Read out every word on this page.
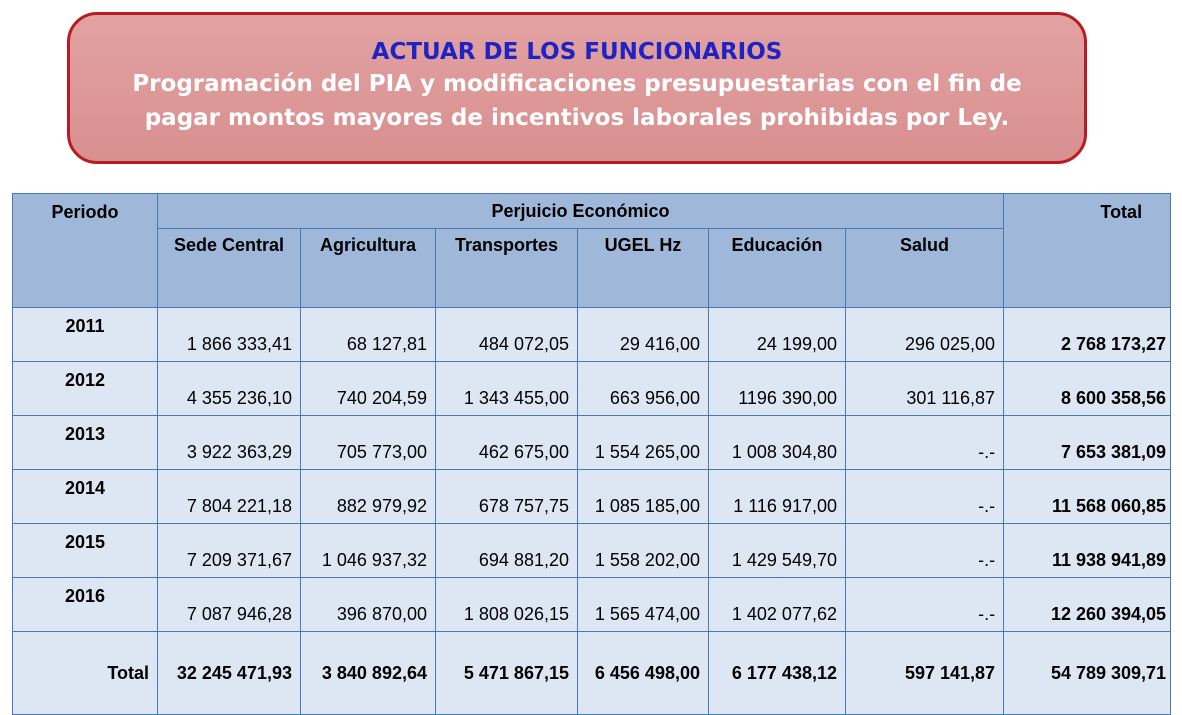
ACTUAR DE LOS FUNCIONARIOS
Programación del PIA y modificaciones presupuestarias con el fin de
pagar montos mayores de incentivos laborales prohibidas por Ley.
Periodo	Perjuicio Económico						Total
	Sede Central	Agricultura	Transportes	UGEL Hz	Educación	Salud	
2011	1 866 333,41	68 127,81	484 072,05	29 416,00	24 199,00	296 025,00	2 768 173,27
2012	4 355 236,10	740 204,59	1 343 455,00	663 956,00	1196 390,00	301 116,87	8 600 358,56
2013	3 922 363,29	705 773,00	462 675,00	1 554 265,00	1 008 304,80	-.-	7 653 381,09
2014	7 804 221,18	882 979,92	678 757,75	1 085 185,00	1 116 917,00	-.-	11 568 060,85
2015	7 209 371,67	1 046 937,32	694 881,20	1 558 202,00	1 429 549,70	-.-	11 938 941,89
2016	7 087 946,28	396 870,00	1 808 026,15	1 565 474,00	1 402 077,62	-.-	12 260 394,05
Total	32 245 471,93	3 840 892,64	5 471 867,15	6 456 498,00	6 177 438,12	597 141,87	54 789 309,71
